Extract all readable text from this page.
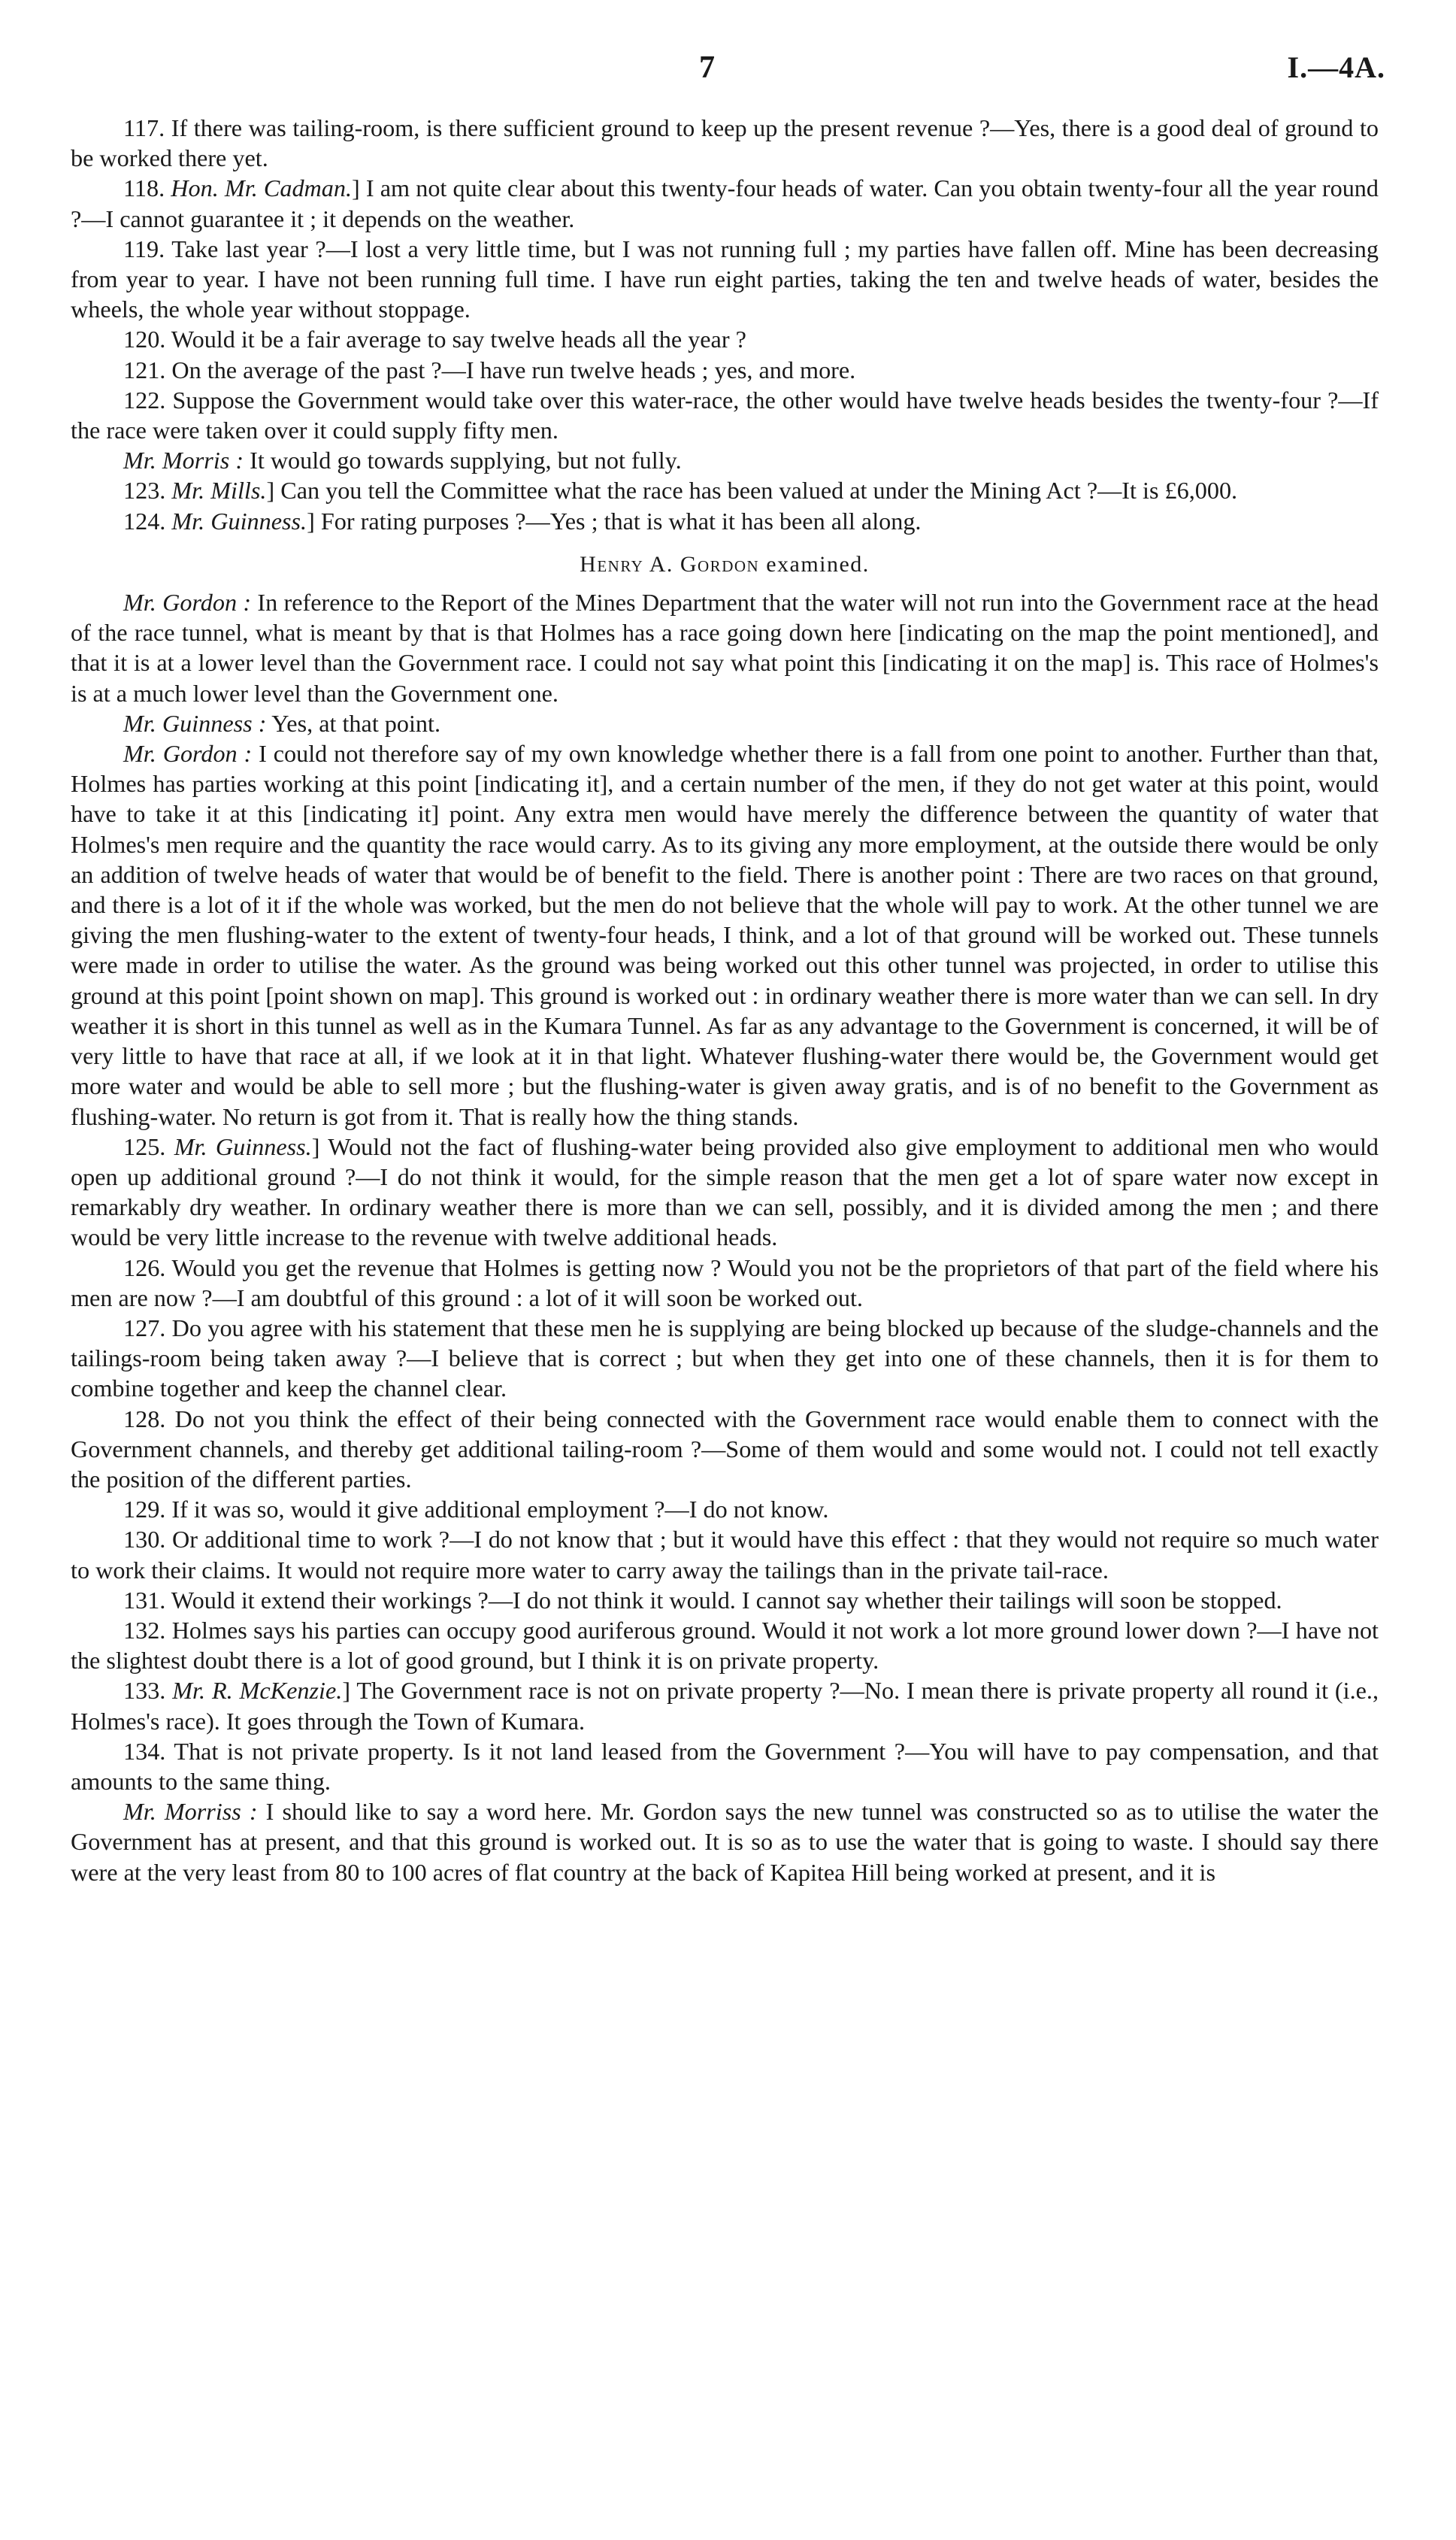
7	I.—4A.

117. If there was tailing-room, is there sufficient ground to keep up the present revenue ?—Yes, there is a good deal of ground to be worked there yet.

118. Hon. Mr. Cadman.] I am not quite clear about this twenty-four heads of water. Can you obtain twenty-four all the year round ?—I cannot guarantee it ; it depends on the weather.

119. Take last year ?—I lost a very little time, but I was not running full ; my parties have fallen off. Mine has been decreasing from year to year. I have not been running full time. I have run eight parties, taking the ten and twelve heads of water, besides the wheels, the whole year without stoppage.

120. Would it be a fair average to say twelve heads all the year ?

121. On the average of the past ?—I have run twelve heads ; yes, and more.

122. Suppose the Government would take over this water-race, the other would have twelve heads besides the twenty-four ?—If the race were taken over it could supply fifty men.

Mr. Morris : It would go towards supplying, but not fully.

123. Mr. Mills.] Can you tell the Committee what the race has been valued at under the Mining Act ?—It is £6,000.

124. Mr. Guinness.] For rating purposes ?—Yes ; that is what it has been all along.

Henry A. Gordon examined.

Mr. Gordon : In reference to the Report of the Mines Department that the water will not run into the Government race at the head of the race tunnel, what is meant by that is that Holmes has a race going down here [indicating on the map the point mentioned], and that it is at a lower level than the Government race. I could not say what point this [indicating it on the map] is. This race of Holmes's is at a much lower level than the Government one.

Mr. Guinness : Yes, at that point.

Mr. Gordon : I could not therefore say of my own knowledge whether there is a fall from one point to another. Further than that, Holmes has parties working at this point [indicating it], and a certain number of the men, if they do not get water at this point, would have to take it at this [indicating it] point. Any extra men would have merely the difference between the quantity of water that Holmes's men require and the quantity the race would carry. As to its giving any more employment, at the outside there would be only an addition of twelve heads of water that would be of benefit to the field. There is another point : There are two races on that ground, and there is a lot of it if the whole was worked, but the men do not believe that the whole will pay to work. At the other tunnel we are giving the men flushing-water to the extent of twenty-four heads, I think, and a lot of that ground will be worked out. These tunnels were made in order to utilise the water. As the ground was being worked out this other tunnel was projected, in order to utilise this ground at this point [point shown on map]. This ground is worked out : in ordinary weather there is more water than we can sell. In dry weather it is short in this tunnel as well as in the Kumara Tunnel. As far as any advantage to the Government is concerned, it will be of very little to have that race at all, if we look at it in that light. Whatever flushing-water there would be, the Government would get more water and would be able to sell more ; but the flushing-water is given away gratis, and is of no benefit to the Government as flushing-water. No return is got from it. That is really how the thing stands.

125. Mr. Guinness.] Would not the fact of flushing-water being provided also give employment to additional men who would open up additional ground ?—I do not think it would, for the simple reason that the men get a lot of spare water now except in remarkably dry weather. In ordinary weather there is more than we can sell, possibly, and it is divided among the men ; and there would be very little increase to the revenue with twelve additional heads.

126. Would you get the revenue that Holmes is getting now ? Would you not be the proprietors of that part of the field where his men are now ?—I am doubtful of this ground : a lot of it will soon be worked out.

127. Do you agree with his statement that these men he is supplying are being blocked up because of the sludge-channels and the tailings-room being taken away ?—I believe that is correct ; but when they get into one of these channels, then it is for them to combine together and keep the channel clear.

128. Do not you think the effect of their being connected with the Government race would enable them to connect with the Government channels, and thereby get additional tailing-room ?—Some of them would and some would not. I could not tell exactly the position of the different parties.

129. If it was so, would it give additional employment ?—I do not know.

130. Or additional time to work ?—I do not know that ; but it would have this effect : that they would not require so much water to work their claims. It would not require more water to carry away the tailings than in the private tail-race.

131. Would it extend their workings ?—I do not think it would. I cannot say whether their tailings will soon be stopped.

132. Holmes says his parties can occupy good auriferous ground. Would it not work a lot more ground lower down ?—I have not the slightest doubt there is a lot of good ground, but I think it is on private property.

133. Mr. R. McKenzie.] The Government race is not on private property ?—No. I mean there is private property all round it (i.e., Holmes's race). It goes through the Town of Kumara.

134. That is not private property. Is it not land leased from the Government ?—You will have to pay compensation, and that amounts to the same thing.

Mr. Morriss : I should like to say a word here. Mr. Gordon says the new tunnel was constructed so as to utilise the water the Government has at present, and that this ground is worked out. It is so as to use the water that is going to waste. I should say there were at the very least from 80 to 100 acres of flat country at the back of Kapitea Hill being worked at present, and it is
